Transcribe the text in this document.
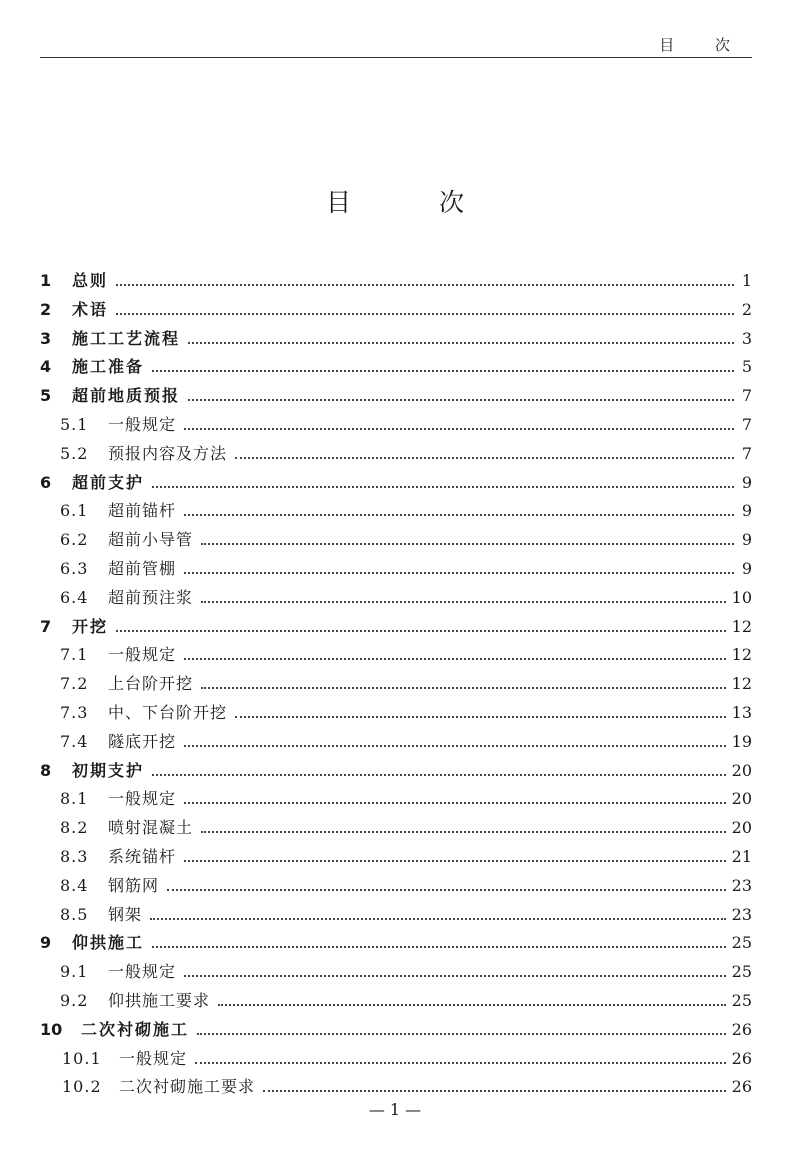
目 次
目 次
1	总则	1
2	术语	2
3	施工工艺流程	3
4	施工准备	5
5	超前地质预报	7
5.1	一般规定	7
5.2	预报内容及方法	7
6	超前支护	9
6.1	超前锚杆	9
6.2	超前小导管	9
6.3	超前管棚	9
6.4	超前预注浆	10
7	开挖	12
7.1	一般规定	12
7.2	上台阶开挖	12
7.3	中、下台阶开挖	13
7.4	隧底开挖	19
8	初期支护	20
8.1	一般规定	20
8.2	喷射混凝土	20
8.3	系统锚杆	21
8.4	钢筋网	23
8.5	钢架	23
9	仰拱施工	25
9.1	一般规定	25
9.2	仰拱施工要求	25
10	二次衬砌施工	26
10.1	一般规定	26
10.2	二次衬砌施工要求	26
— 1 —
